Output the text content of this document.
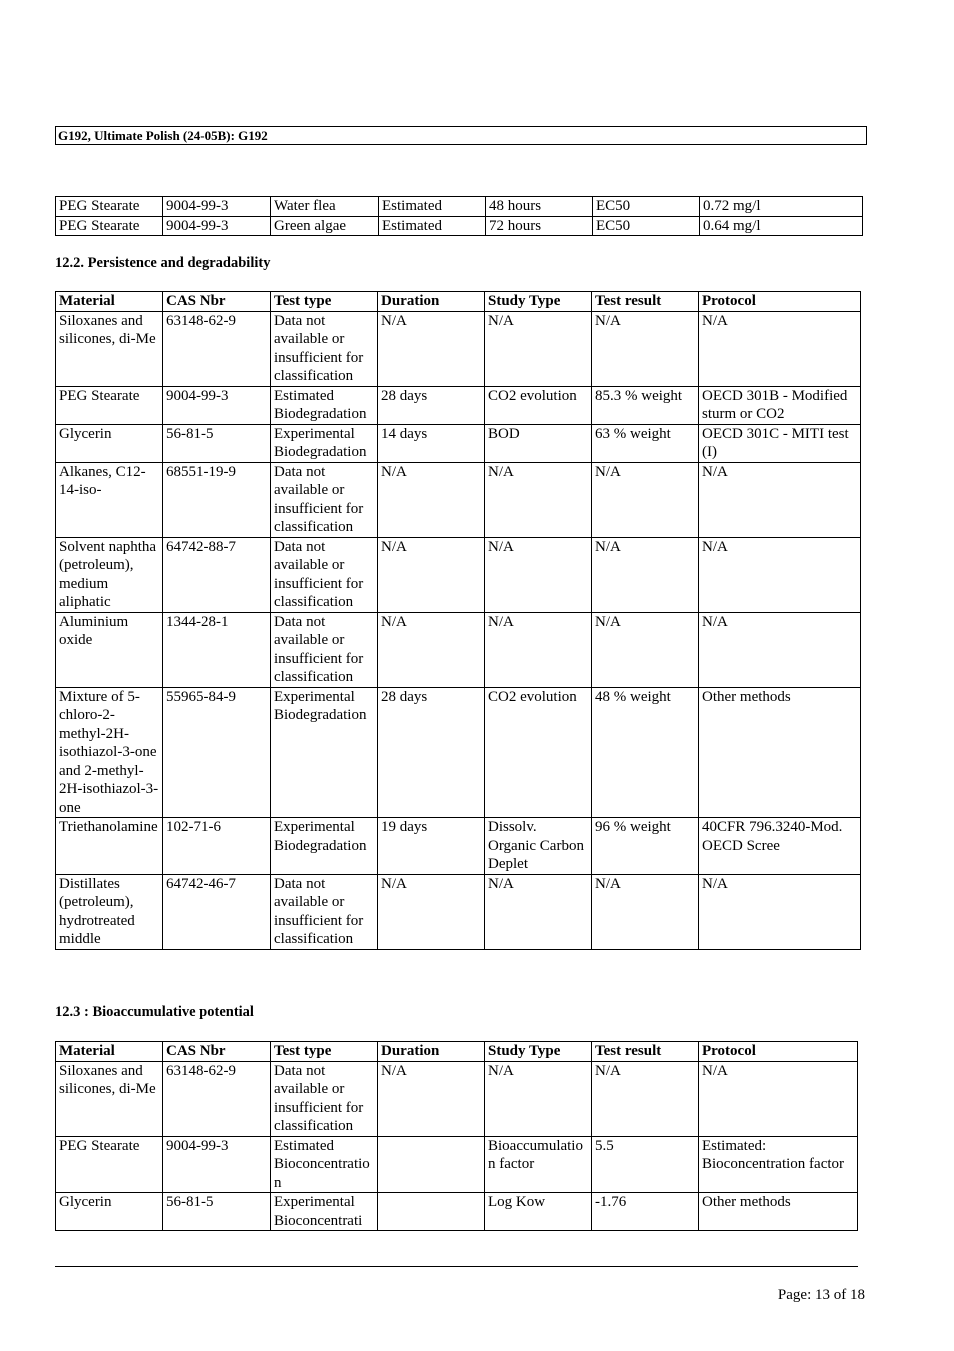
G192, Ultimate Polish (24-05B): G192
PEG Stearate	9004-99-3	Water flea	Estimated	48 hours	EC50	0.72 mg/l
PEG Stearate	9004-99-3	Green algae	Estimated	72 hours	EC50	0.64 mg/l
12.2. Persistence and degradability
Material	CAS Nbr	Test type	Duration	Study Type	Test result	Protocol
Siloxanes and silicones, di-Me	63148-62-9	Data not available or insufficient for classification	N/A	N/A	N/A	N/A
PEG Stearate	9004-99-3	Estimated Biodegradation	28 days	CO2 evolution	85.3 % weight	OECD 301B - Modified sturm or CO2
Glycerin	56-81-5	Experimental Biodegradation	14 days	BOD	63 % weight	OECD 301C - MITI test (I)
Alkanes, C12-14-iso-	68551-19-9	Data not available or insufficient for classification	N/A	N/A	N/A	N/A
Solvent naphtha (petroleum), medium aliphatic	64742-88-7	Data not available or insufficient for classification	N/A	N/A	N/A	N/A
Aluminium oxide	1344-28-1	Data not available or insufficient for classification	N/A	N/A	N/A	N/A
Mixture of 5-chloro-2-methyl-2H-isothiazol-3-one and 2-methyl-2H-isothiazol-3-one	55965-84-9	Experimental Biodegradation	28 days	CO2 evolution	48 % weight	Other methods
Triethanolamine	102-71-6	Experimental Biodegradation	19 days	Dissolv. Organic Carbon Deplet	96 % weight	40CFR 796.3240-Mod. OECD Scree
Distillates (petroleum), hydrotreated middle	64742-46-7	Data not available or insufficient for classification	N/A	N/A	N/A	N/A
12.3 : Bioaccumulative potential
Material	CAS Nbr	Test type	Duration	Study Type	Test result	Protocol
Siloxanes and silicones, di-Me	63148-62-9	Data not available or insufficient for classification	N/A	N/A	N/A	N/A
PEG Stearate	9004-99-3	Estimated Bioconcentration		Bioaccumulation factor	5.5	Estimated: Bioconcentration factor
Glycerin	56-81-5	Experimental Bioconcentrati		Log Kow	-1.76	Other methods
Page: 13 of 18
